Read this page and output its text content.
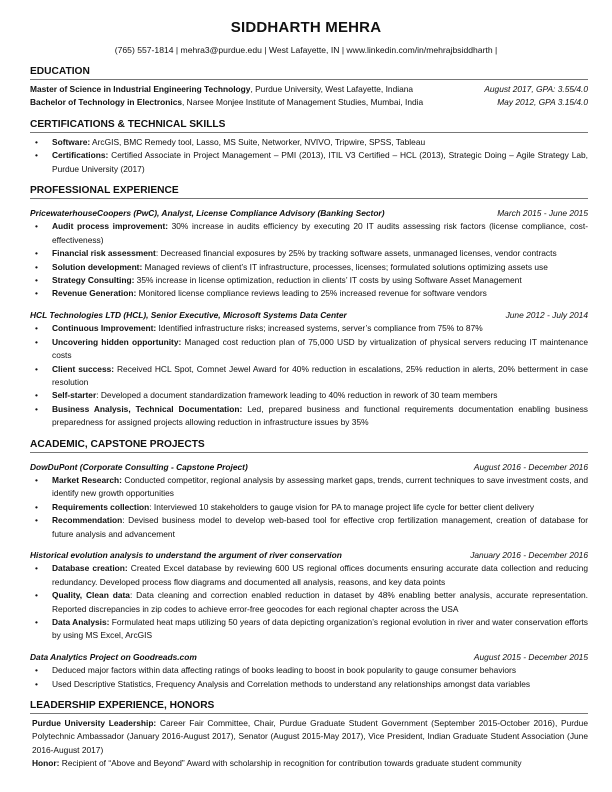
SIDDHARTH MEHRA
(765) 557-1814 | mehra3@purdue.edu | West Lafayette, IN | www.linkedin.com/in/mehrajbsiddharth |
EDUCATION
Master of Science in Industrial Engineering Technology, Purdue University, West Lafayette, Indiana	August 2017, GPA: 3.55/4.0
Bachelor of Technology in Electronics, Narsee Monjee Institute of Management Studies, Mumbai, India	May 2012, GPA 3.15/4.0
CERTIFICATIONS & TECHNICAL SKILLS
• Software: ArcGIS, BMC Remedy tool, Lasso, MS Suite, Networker, NVIVO, Tripwire, SPSS, Tableau
• Certifications: Certified Associate in Project Management – PMI (2013), ITIL V3 Certified – HCL (2013), Strategic Doing – Agile Strategy Lab, Purdue University (2017)
PROFESSIONAL EXPERIENCE
PricewaterhouseCoopers (PwC), Analyst, License Compliance Advisory (Banking Sector)	March 2015 - June 2015
• Audit process improvement: 30% increase in audits efficiency by executing 20 IT audits assessing risk factors (license compliance, cost-effectiveness)
• Financial risk assessment: Decreased financial exposures by 25% by tracking software assets, unmanaged licenses, vendor contracts
• Solution development: Managed reviews of client’s IT infrastructure, processes, licenses; formulated solutions optimizing assets use
• Strategy Consulting: 35% increase in license optimization, reduction in clients’ IT costs by using Software Asset Management
• Revenue Generation: Monitored license compliance reviews leading to 25% increased revenue for software vendors
HCL Technologies LTD (HCL), Senior Executive, Microsoft Systems Data Center	June 2012 - July 2014
• Continuous Improvement: Identified infrastructure risks; increased systems, server’s compliance from 75% to 87%
• Uncovering hidden opportunity: Managed cost reduction plan of 75,000 USD by virtualization of physical servers reducing IT maintenance costs
• Client success: Received HCL Spot, Comnet Jewel Award for 40% reduction in escalations, 25% reduction in alerts, 20% betterment in case resolution
• Self-starter: Developed a document standardization framework leading to 40% reduction in rework of 30 team members
• Business Analysis, Technical Documentation: Led, prepared business and functional requirements documentation enabling business preparedness for assigned projects allowing reduction in infrastructure issues by 35%
ACADEMIC, CAPSTONE PROJECTS
DowDuPont (Corporate Consulting - Capstone Project)	August 2016 - December 2016
• Market Research: Conducted competitor, regional analysis by assessing market gaps, trends, current techniques to save investment costs, and identify new growth opportunities
• Requirements collection: Interviewed 10 stakeholders to gauge vision for PA to manage project life cycle for better client delivery
• Recommendation: Devised business model to develop web-based tool for effective crop fertilization management, creation of database for future analysis and advancement
Historical evolution analysis to understand the argument of river conservation	January 2016 - December 2016
• Database creation: Created Excel database by reviewing 600 US regional offices documents ensuring accurate data collection and reducing redundancy. Developed process flow diagrams and documented all analysis, reasons, and key data points
• Quality, Clean data: Data cleaning and correction enabled reduction in dataset by 48% enabling better analysis, accurate representation. Reported discrepancies in zip codes to achieve error-free geocodes for each regional chapter across the USA
• Data Analysis: Formulated heat maps utilizing 50 years of data depicting organization’s regional evolution in river and water conservation efforts by using MS Excel, ArcGIS
Data Analytics Project on Goodreads.com	August 2015 - December 2015
• Deduced major factors within data affecting ratings of books leading to boost in book popularity to gauge consumer behaviors
• Used Descriptive Statistics, Frequency Analysis and Correlation methods to understand any relationships amongst data variables
LEADERSHIP EXPERIENCE, HONORS
Purdue University Leadership: Career Fair Committee, Chair, Purdue Graduate Student Government (September 2015-October 2016), Purdue Polytechnic Ambassador (January 2016-August 2017), Senator (August 2015-May 2017), Vice President, Indian Graduate Student Association (June 2016-August 2017)
Honor: Recipient of “Above and Beyond” Award with scholarship in recognition for contribution towards graduate student community
